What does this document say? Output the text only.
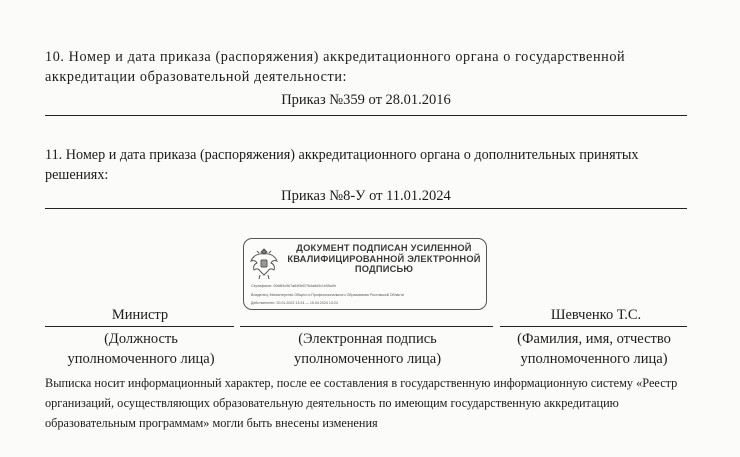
10. Номер и дата приказа (распоряжения) аккредитационного органа о государственной аккредитации образовательной деятельности:
Приказ №359 от 28.01.2016
11. Номер и дата приказа (распоряжения) аккредитационного органа о дополнительных принятых решениях:
Приказ №8-У от 11.01.2024
ДОКУМЕНТ ПОДПИСАН УСИЛЕННОЙ КВАЛИФИЦИРОВАННОЙ ЭЛЕКТРОННОЙ ПОДПИСЬЮ
Сертификат: 00d8f4c9b7a64f3ef27b4a8d3c1e55a0b
Владелец: Министерство Общего и Профессионального Образования Ростовской Области
Действителен: 20.01.2023 13:24 — 15.04.2024 13:24
Министр	Шевченко Т.С.
(Должность уполномоченного лица)
(Электронная подпись уполномоченного лица)
(Фамилия, имя, отчество уполномоченного лица)
Выписка носит информационный характер, после ее составления в государственную информационную систему «Реестр организаций, осуществляющих образовательную деятельность по имеющим государственную аккредитацию образовательным программам» могли быть внесены изменения
